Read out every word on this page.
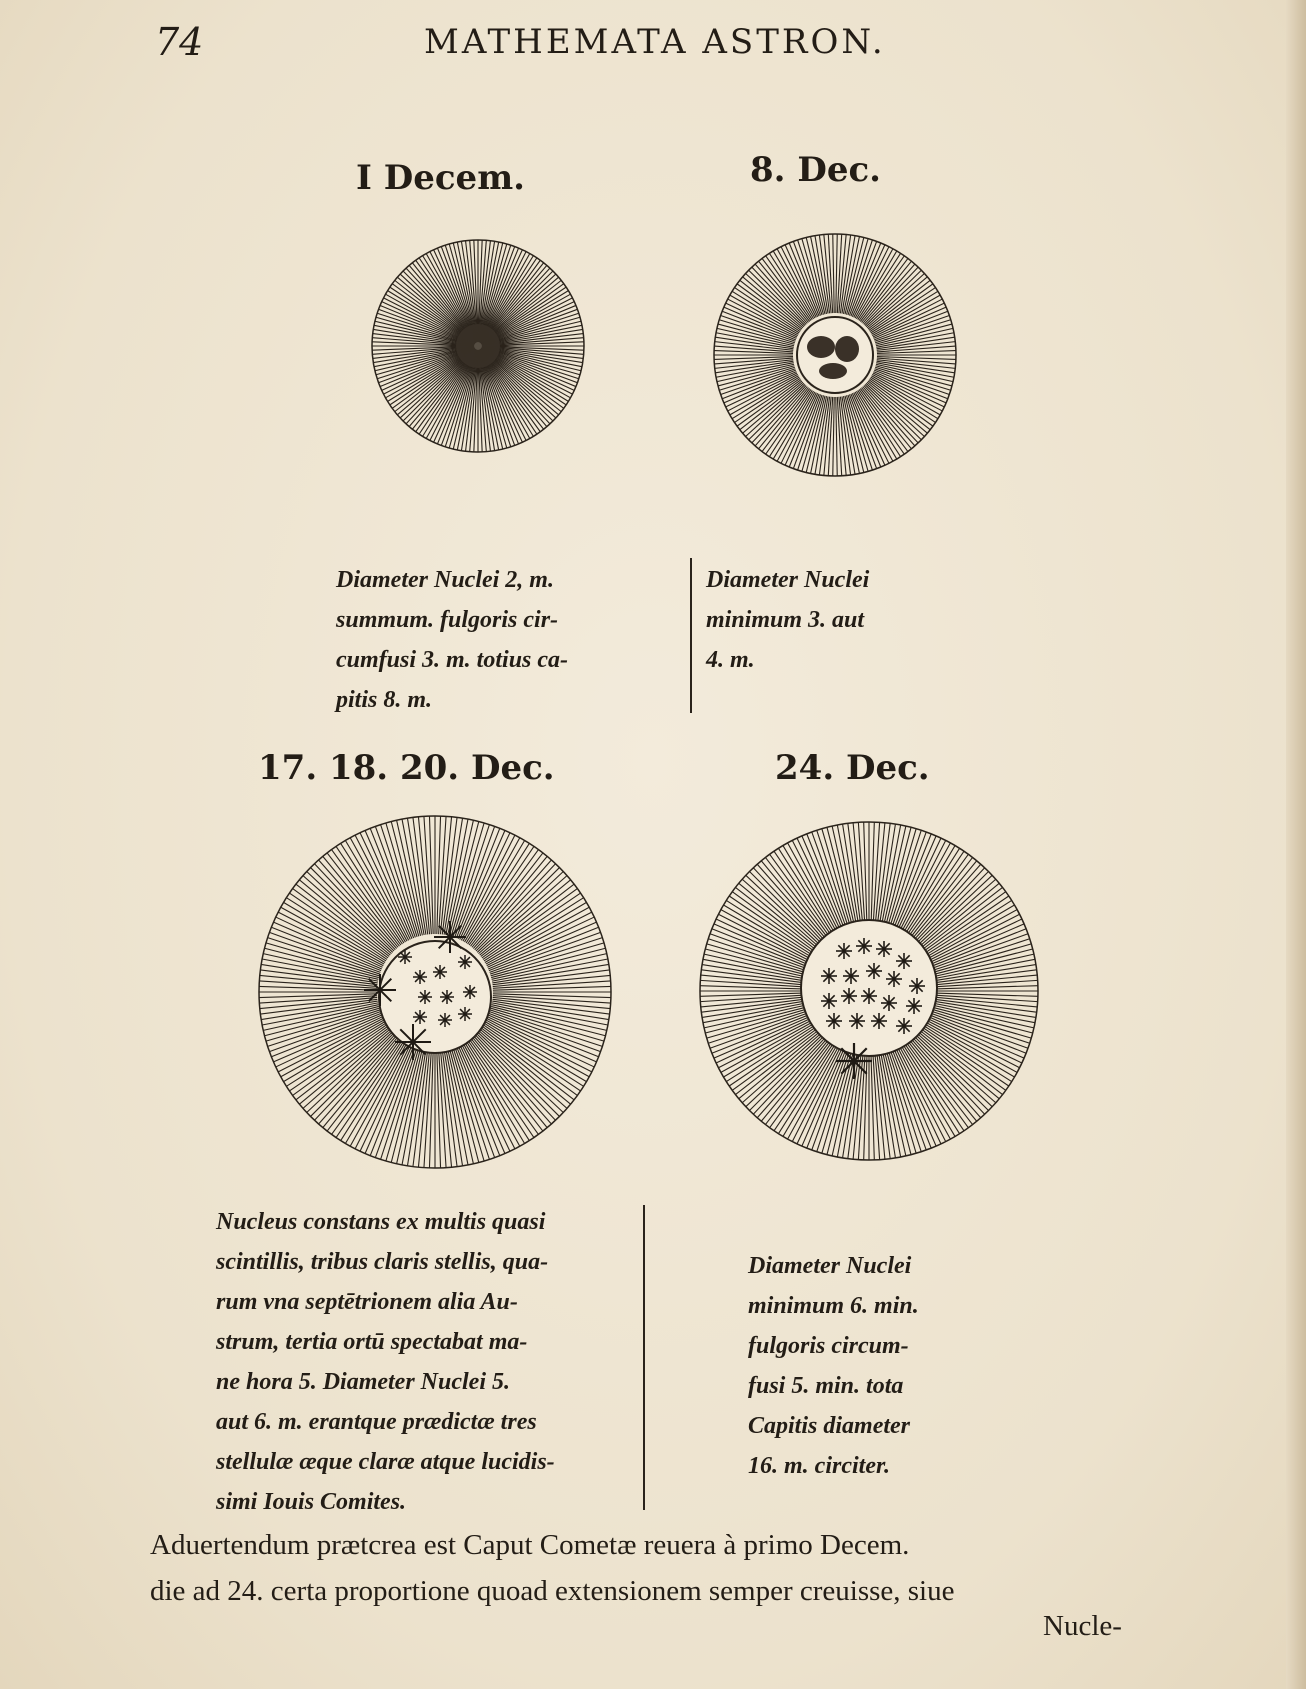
74	MATHEMATA ASTRON.
I Decem.	8. Dec.
Diameter Nuclei 2, m.
summum. fulgoris cir-
cumfusi 3. m. totius ca-
pitis 8. m.
Diameter Nuclei
minimum 3. aut
4. m.
17. 18. 20. Dec.	24. Dec.
Nucleus constans ex multis quasi
scintillis, tribus claris stellis, qua-
rum vna septētrionem alia Au-
strum, tertia ortū spectabat ma-
ne hora 5. Diameter Nuclei 5.
aut 6. m. erantque prædictæ tres
stellulæ æque claræ atque lucidis-
simi Iouis Comites.
Diameter Nuclei
minimum 6. min.
fulgoris circum-
fusi 5. min. tota
Capitis diameter
16. m. circiter.
Aduertendum prætcrea est Caput Cometæ reuera à primo Decem.
die ad 24. certa proportione quoad extensionem semper creuisse, siue
Nucle-
